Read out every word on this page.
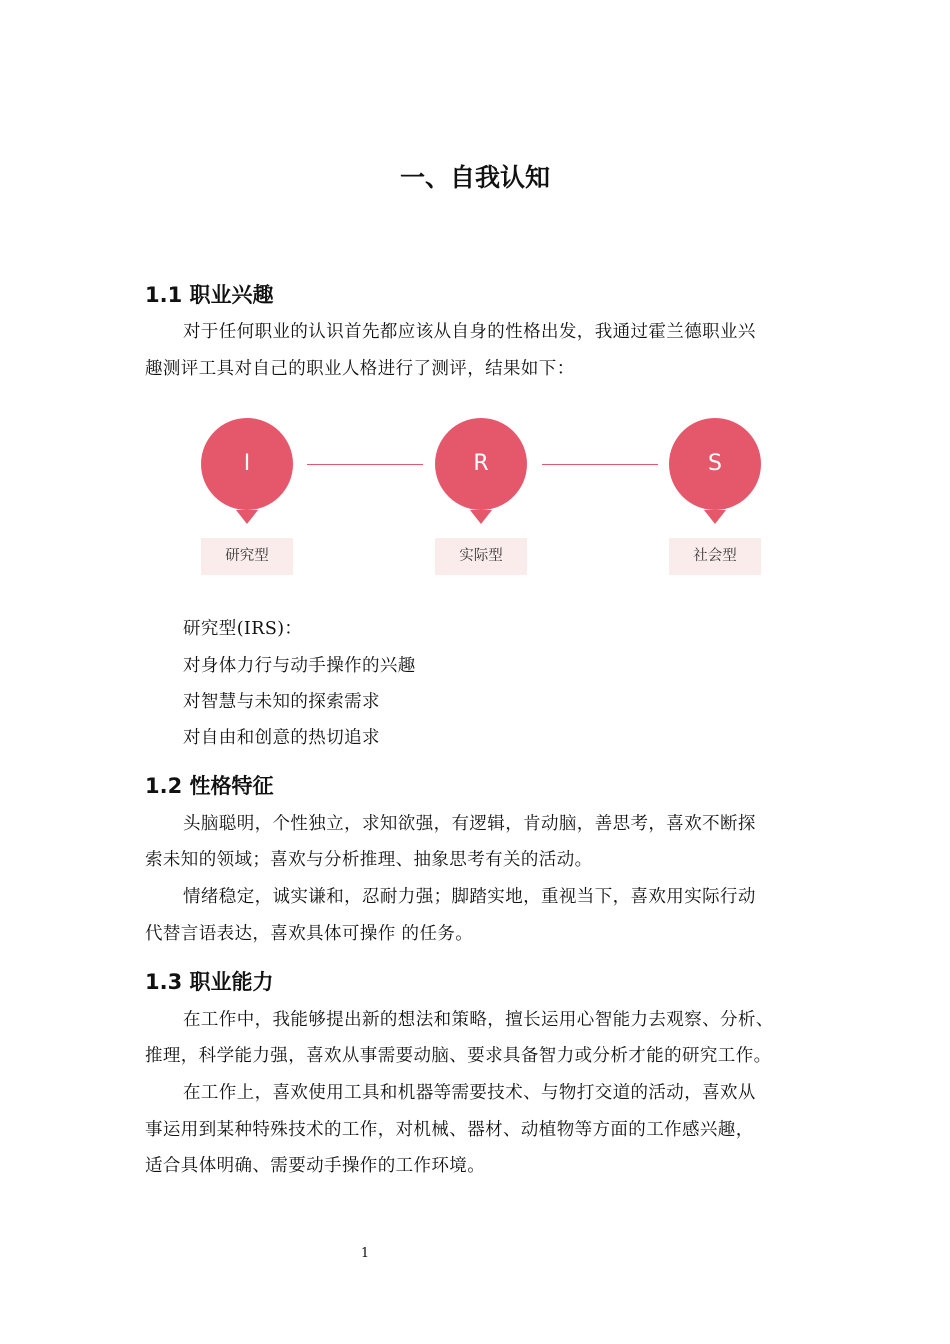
一、自我认知
1.1 职业兴趣
对于任何职业的认识首先都应该从自身的性格出发，我通过霍兰德职业兴
趣测评工具对自己的职业人格进行了测评，结果如下：
I
研究型
R
实际型
S
社会型
研究型(IRS)：
对身体力行与动手操作的兴趣
对智慧与未知的探索需求
对自由和创意的热切追求
1.2 性格特征
头脑聪明，个性独立，求知欲强，有逻辑，肯动脑，善思考，喜欢不断探
索未知的领域；喜欢与分析推理、抽象思考有关的活动。
情绪稳定，诚实谦和，忍耐力强；脚踏实地，重视当下，喜欢用实际行动
代替言语表达，喜欢具体可操作 的任务。
1.3 职业能力
在工作中，我能够提出新的想法和策略，擅长运用心智能力去观察、分析、
推理，科学能力强，喜欢从事需要动脑、要求具备智力或分析才能的研究工作。
在工作上，喜欢使用工具和机器等需要技术、与物打交道的活动，喜欢从
事运用到某种特殊技术的工作，对机械、器材、动植物等方面的工作感兴趣，
适合具体明确、需要动手操作的工作环境。
1
